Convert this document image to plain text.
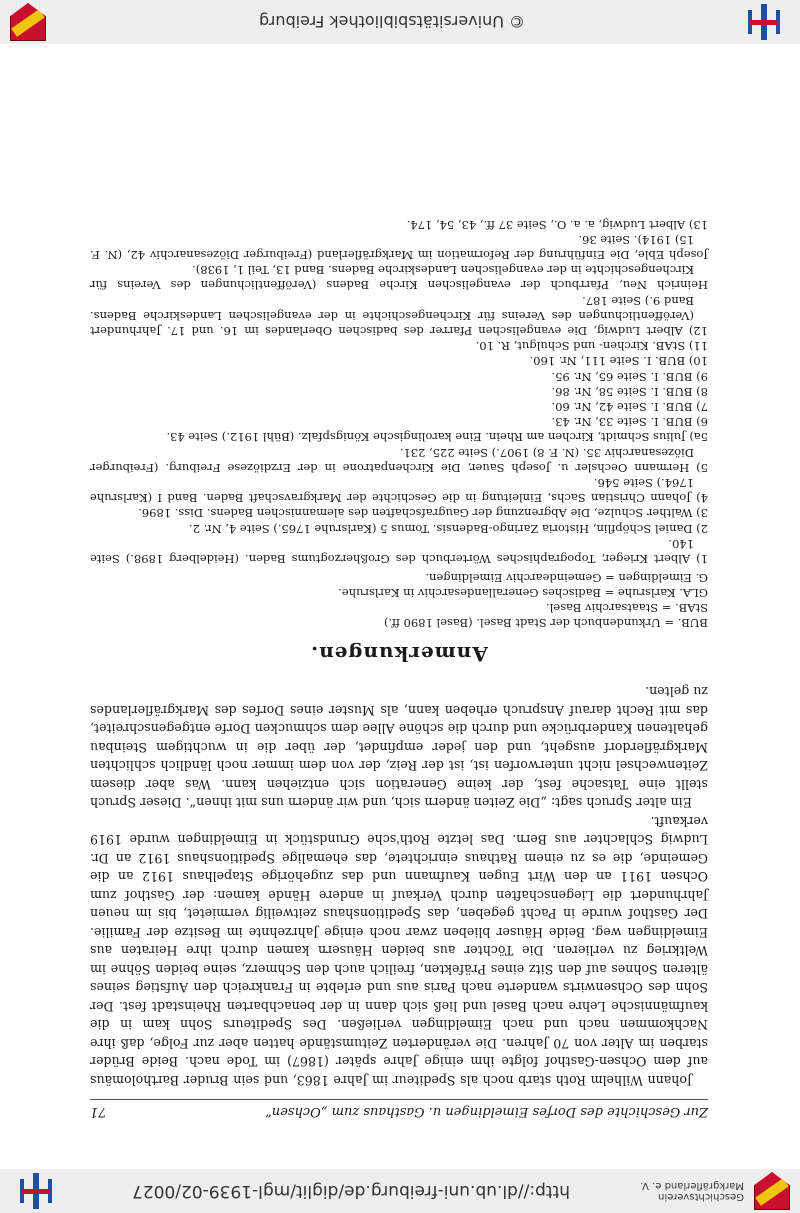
Geschichtsverein Markgräflerland e. V.
http://dl.ub.uni-freiburg.de/diglit/mgl-1939-02/0027
Zur Geschichte des Dorfes Eimeldingen u. Gasthaus zum „Ochsen“
71

Johann Wilhelm Roth starb noch als Spediteur im Jahre 1863, und sein Bruder Bartholomäus auf dem Ochsen-Gasthof folgte ihm einige Jahre später (1867) im Tode nach. Beide Brüder starben im Alter von 70 Jahren. Die veränderten Zeitumstände hatten aber zur Folge, daß ihre Nachkommen nach und nach Eimeldingen verließen. Des Spediteurs Sohn kam in die kaufmännische Lehre nach Basel und ließ sich dann in der benachbarten Rheinstadt fest. Der Sohn des Ochsenwirts wanderte nach Paris aus und erlebte in Frankreich den Aufstieg seines älteren Sohnes auf den Sitz eines Präfekten, freilich auch den Schmerz, seine beiden Söhne im Weltkrieg zu verlieren. Die Töchter aus beiden Häusern kamen durch ihre Heiraten aus Eimeldingen weg. Beide Häuser blieben zwar noch einige Jahrzehnte im Besitze der Familie. Der Gasthof wurde in Pacht gegeben, das Speditionshaus zeitweilig vermietet, bis im neuen Jahrhundert die Liegenschaften durch Verkauf in andere Hände kamen: der Gasthof zum Ochsen 1911 an den Wirt Eugen Kaufmann und das zugehörige Stapelhaus 1912 an die Gemeinde, die es zu einem Rathaus einrichtete, das ehemalige Speditionshaus 1912 an Dr. Ludwig Schlachter aus Bern. Das letzte Roth'sche Grundstück in Eimeldingen wurde 1919 verkauft.

Ein alter Spruch sagt: „Die Zeiten ändern sich, und wir ändern uns mit ihnen“. Dieser Spruch stellt eine Tatsache fest, der keine Generation sich entziehen kann. Was aber diesem Zeitenwechsel nicht unterworfen ist, ist der Reiz, der von dem immer noch ländlich schlichten Markgräflerdorf ausgeht, und den jeder empfindet, der über die in wuchtigem Steinbau gehaltenen Kanderbrücke und durch die schöne Allee dem schmucken Dorfe entgegenschreitet, das mit Recht darauf Anspruch erheben kann, als Muster eines Dorfes des Markgräflerlandes zu gelten.

Anmerkungen.
BUB. = Urkundenbuch der Stadt Basel. (Basel 1890 ff.)
StAB. = Staatsarchiv Basel.
GLA. Karlsruhe = Badisches Generallandesarchiv in Karlsruhe.
G. Eimeldingen = Gemeindearchiv Eimeldingen.
1) Albert Krieger, Topographisches Wörterbuch des Großherzogtums Baden. (Heidelberg 1898.) Seite 140.
2) Daniel Schöpflin, Historia Zaringo-Badensis. Tomus 5 (Karlsruhe 1765.) Seite 4, Nr. 2.
3) Walther Schulze, Die Abgrenzung der Gaugrafschaften des alemannischen Badens. Diss. 1896.
4) Johann Christian Sachs, Einleitung in die Geschichte der Markgravschaft Baden. Band I (Karlsruhe 1764.) Seite 546.
5) Hermann Oechsler u. Joseph Sauer, Die Kirchenpatrone in der Erzdiözese Freiburg. (Freiburger Diözesanarchiv 35. (N. F. 8) 1907.) Seite 225, 231.
5a) Julius Schmidt, Kirchen am Rhein. Eine karolingische Königspfalz. (Bühl 1912.) Seite 43.
6) BUB. I. Seite 33, Nr. 43.
7) BUB. I. Seite 42, Nr. 60.
8) BUB. I. Seite 58, Nr. 86.
9) BUB. I. Seite 65, Nr. 95.
10) BUB. I. Seite 111, Nr. 160.
11) StAB. Kirchen- und Schulgut, R. 10.
12) Albert Ludwig, Die evangelischen Pfarrer des badischen Oberlandes im 16. und 17. Jahrhundert (Veröffentlichungen des Vereins für Kirchengeschichte in der evangelischen Landeskirche Badens. Band 9.) Seite 187.
Heinrich Neu, Pfarrbuch der evangelischen Kirche Badens (Veröffentlichungen des Vereins für Kirchengeschichte in der evangelischen Landeskirche Badens. Band 13, Teil 1, 1938).
Joseph Eble, Die Einführung der Reformation im Markgräflerland (Freiburger Diözesanarchiv 42, (N. F. 15) 1914). Seite 36.
13) Albert Ludwig, a. a. O., Seite 37 ff., 43, 54, 174.
© Universitätsbibliothek Freiburg
